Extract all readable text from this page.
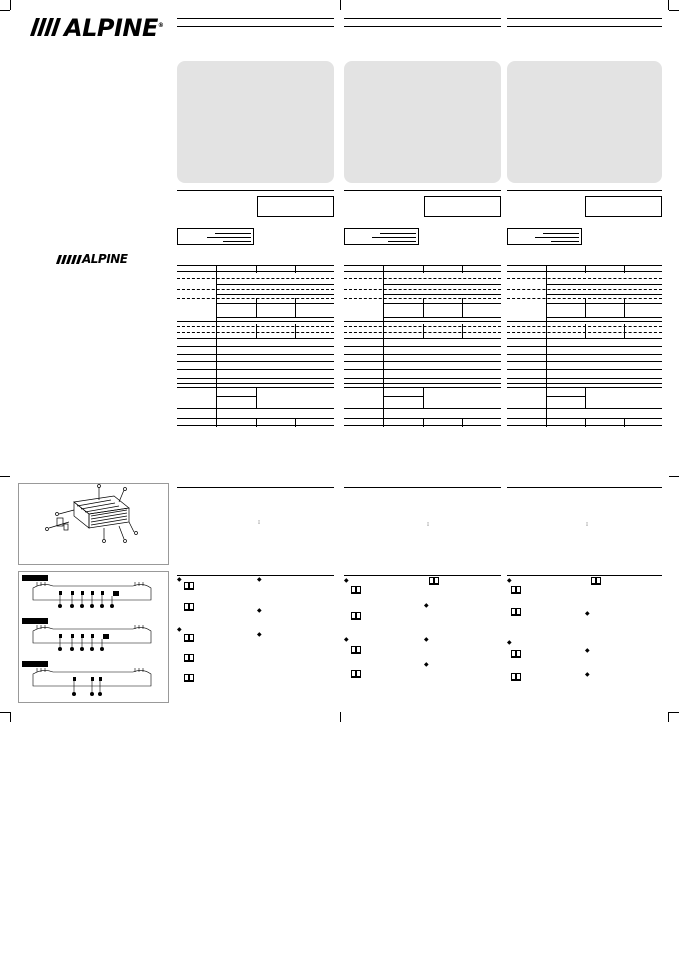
ALPINE®
ALPINE
•••
◆	◆
◆
◆
◆
•••
◆
◆
◆	◆
◆
•••
◆
◆
◆
◆
◆
